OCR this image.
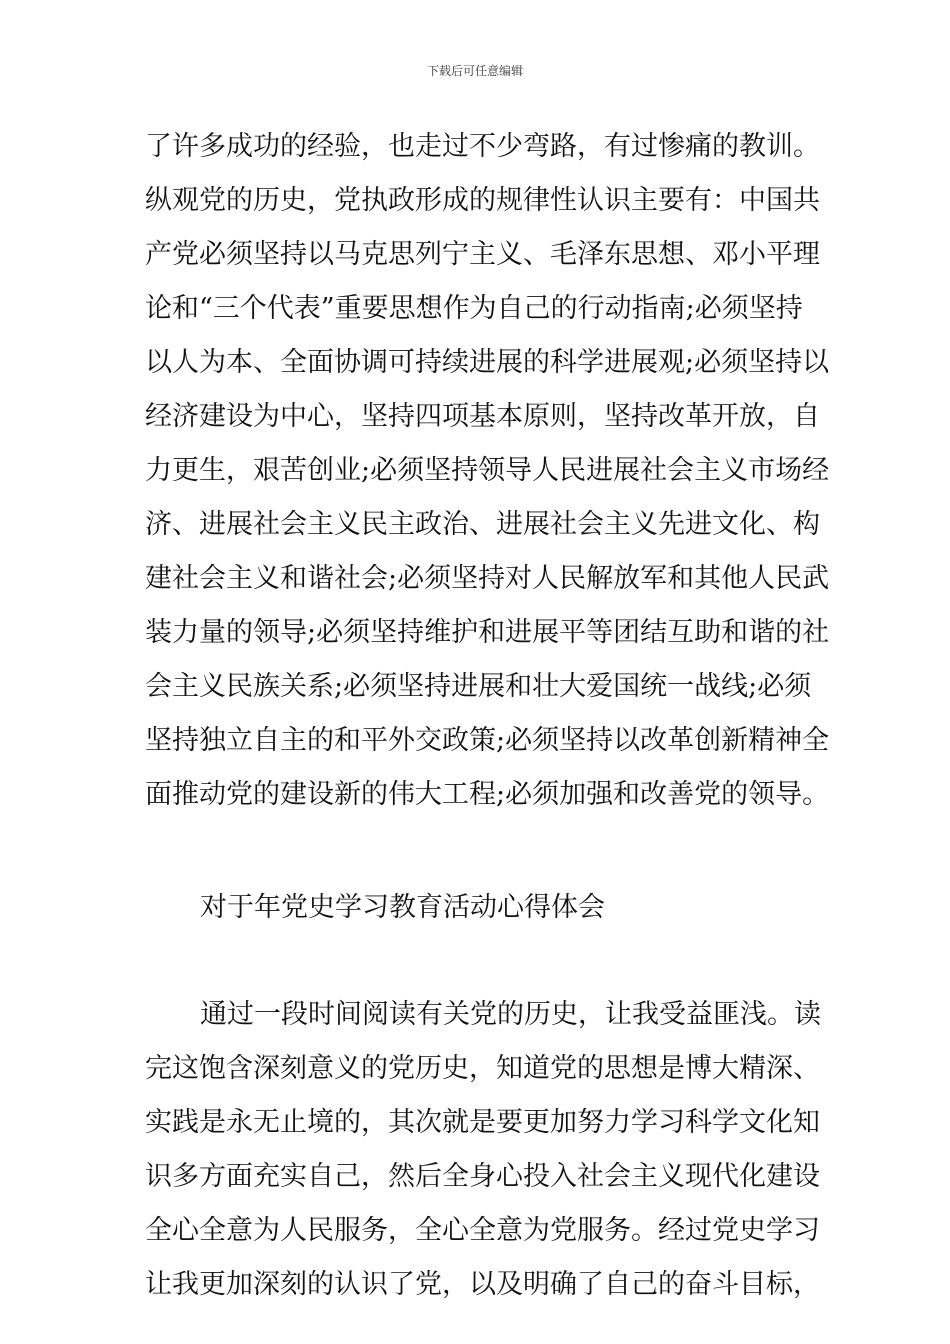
下载后可任意编辑
了许多成功的经验，也走过不少弯路，有过惨痛的教训。
纵观党的历史，党执政形成的规律性认识主要有：中国共
产党必须坚持以马克思列宁主义、毛泽东思想、邓小平理
论和“三个代表”重要思想作为自己的行动指南;必须坚持
以人为本、全面协调可持续进展的科学进展观;必须坚持以
经济建设为中心，坚持四项基本原则，坚持改革开放，自
力更生，艰苦创业;必须坚持领导人民进展社会主义市场经
济、进展社会主义民主政治、进展社会主义先进文化、构
建社会主义和谐社会;必须坚持对人民解放军和其他人民武
装力量的领导;必须坚持维护和进展平等团结互助和谐的社
会主义民族关系;必须坚持进展和壮大爱国统一战线;必须
坚持独立自主的和平外交政策;必须坚持以改革创新精神全
面推动党的建设新的伟大工程;必须加强和改善党的领导。
对于年党史学习教育活动心得体会
通过一段时间阅读有关党的历史，让我受益匪浅。读
完这饱含深刻意义的党历史，知道党的思想是博大精深、
实践是永无止境的，其次就是要更加努力学习科学文化知
识多方面充实自己，然后全身心投入社会主义现代化建设
全心全意为人民服务，全心全意为党服务。经过党史学习
让我更加深刻的认识了党，以及明确了自己的奋斗目标，
